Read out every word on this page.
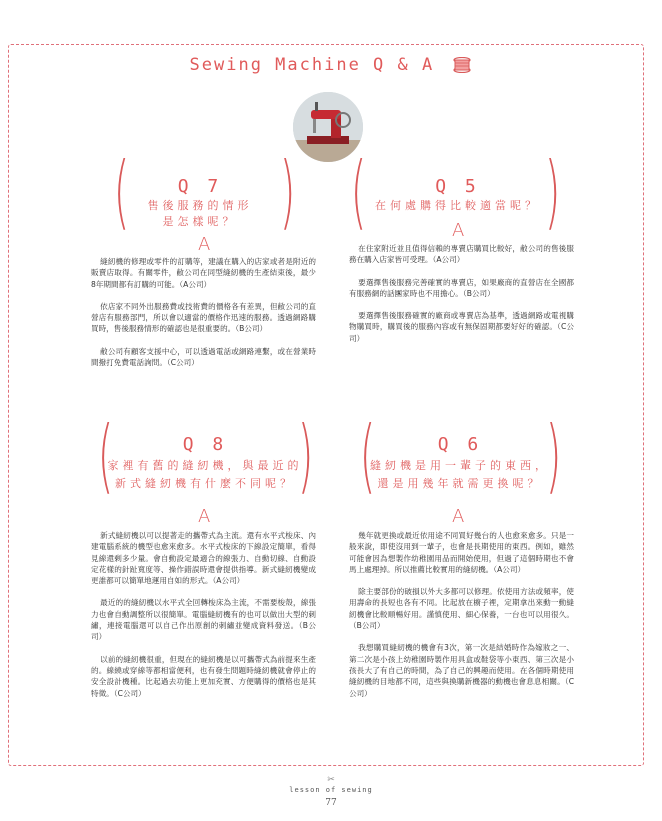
Sewing Machine Q & A
( )
Q 7
售後服務的情形
是怎樣呢？
A

縫紉機的修理或零件的訂購等，建議在購入的店家或者是附近的販賣店取得。有關零件，敝公司在同型縫紉機的生產結束後，最少8年期間都有訂購的可能。（A公司）

依店家不同外出服務費或技術費的價格各有差異，但敝公司的直營店有服務部門，所以會以適當的價格作迅速的服務。透過網路購買時，售後服務情形的確認也是很重要的。（B公司）

敝公司有顧客支援中心，可以透過電話或網路連繫，或在營業時間撥打免費電話詢問。（C公司）

( )
Q 5
在何處購得比較適當呢？
A

在住家附近並且值得信賴的專賣店購買比較好，敝公司的售後服務在購入店家皆可受理。（A公司）

要選擇售後服務完善確實的專賣店，如果廠商的直營店在全國都有服務網的話團家時也不用擔心。（B公司）

要選擇售後服務確實的廠商或專賣店為基準，透過網路或電視購物購買時，購買後的服務內容或有無保固期都要好好的確認。（C公司）

( )
Q 8
家裡有舊的縫紉機，與最近的
新式縫紉機有什麼不同呢？
A

新式縫紉機以可以提著走的攜帶式為主流。還有水平式梭床、內建電腦系統的機型也愈來愈多。水平式梭床的下線設定簡單，看得見線還剩多少量。會自動設定最適合的線張力、自動切線、自動設定花樣的針趾寬度等、操作錯誤時還會提供指導。新式縫紉機變成更誰都可以簡單地運用自如的形式。（A公司）

最近的的縫紉機以水平式全回轉梭床為主流，不需要梭殼，線張力也會自動調整所以很簡單。電腦縫紉機有的也可以做出大型的刺繡，連接電腦還可以自己作出原創的刺繡並變成資料發送。（B公司）

以前的縫紉機很重，但現在的縫紉機是以可攜帶式為前提來生產的。線繞或穿線等都相當便利，也有發生問題時縫紉機就會停止的安全設計機種。比起過去功能上更加充實、方便購得的價格也是其特徵。（C公司）

( )
Q 6
縫紉機是用一輩子的東西，
還是用幾年就需更換呢？
A

幾年就更換或最近依用途不同買好幾台的人也愈來愈多。只是一般來說，即使沒用到一輩子，也會是長期使用的東西。例如，雖然可能會因為想製作幼稚園用品而開始使用，但過了這個時期也不會馬上處理掉。所以推薦比較實用的縫紉機。（A公司）

除主要部份的破損以外大多都可以修理。依使用方法或頻率，使用壽命的長短也各有不同。比起放在櫥子裡，定期拿出來動一動縫紉機會比較順暢好用。謹慎使用、細心保養，一台也可以用很久。（B公司）

我想購買縫紉機的機會有3次，第一次是結婚時作為嫁妝之一、第二次是小孩上幼稚園時製作用具盒或鞋袋等小東西、第三次是小孩長大了有自己的時間，為了自己的興趣而使用。在各個時期使用縫紉機的目地都不同，這些與換購新機器的動機也會息息相關。（C公司）

✂
lesson of sewing
77
